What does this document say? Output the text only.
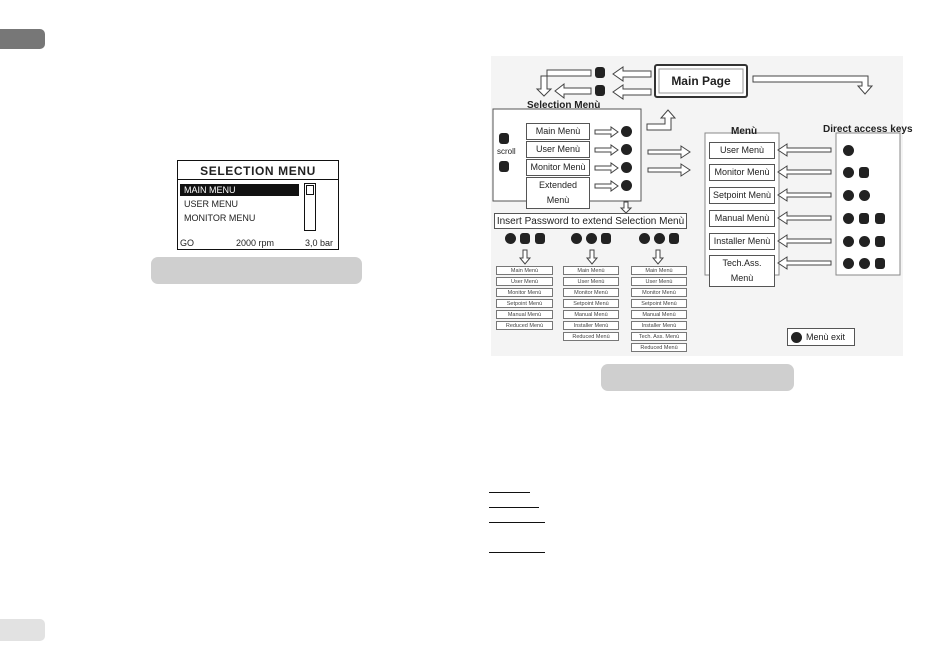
SELECTION MENU
MAIN MENU
USER MENU
MONITOR MENU
GO	2000 rpm	3,0 bar
Main Page
Selection Menù
scroll
Main Menù
User Menù
Monitor Menù
Extended Menù
Insert Password to extend Selection Menù
Main Menù
User Menù
Monitor Menù
Setpoint Menù
Manual Menù
Reduced Menù
Main Menù
User Menù
Monitor Menù
Setpoint Menù
Manual Menù
Installer Menù
Reduced Menù
Main Menù
User Menù
Monitor Menù
Setpoint Menù
Manual Menù
Installer Menù
Tech. Ass. Menù
Reduced Menù
Menù	Direct access keys
User Menù
Monitor Menù
Setpoint Menù
Manual Menù
Installer Menù
Tech.Ass. Menù
Menù exit
